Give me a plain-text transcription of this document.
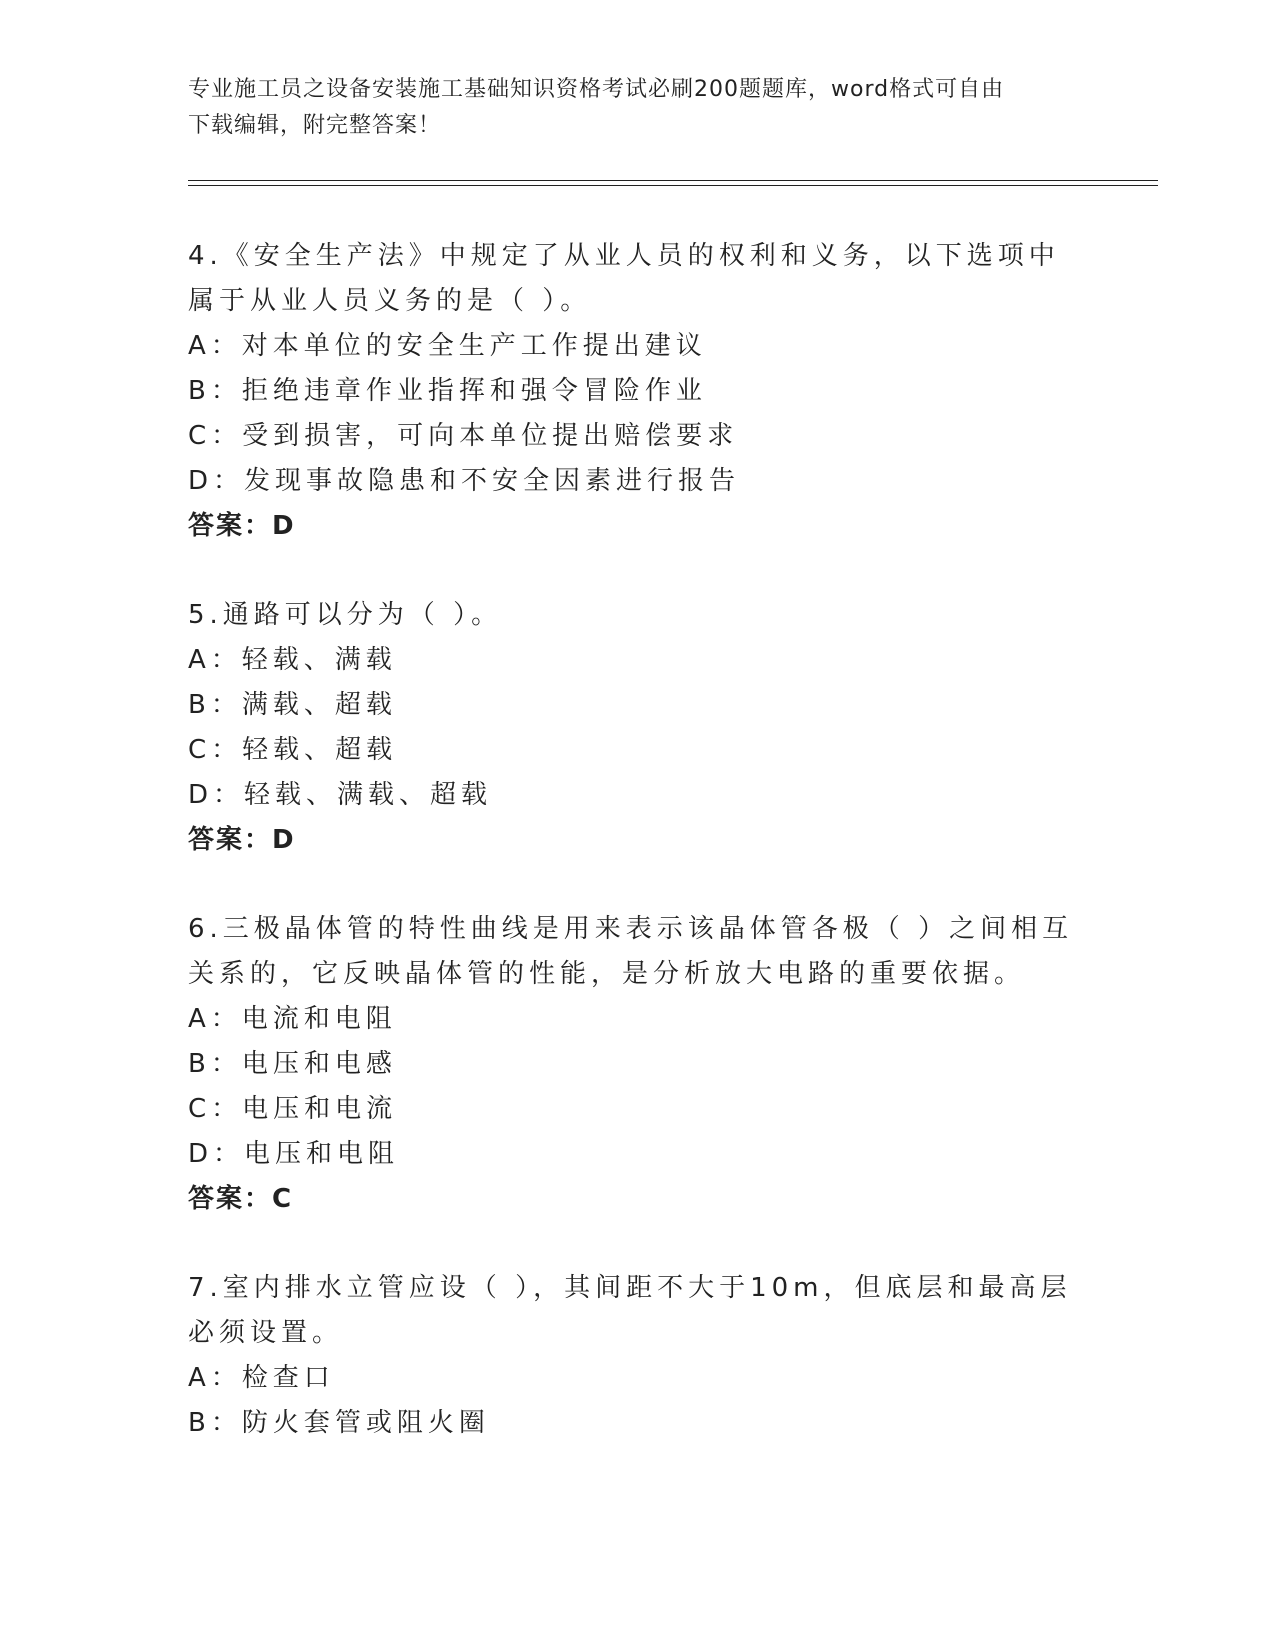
专业施工员之设备安装施工基础知识资格考试必刷200题题库，word格式可自由
下载编辑，附完整答案！
4.《安全生产法》中规定了从业人员的权利和义务，以下选项中属于从业人员义务的是（ ）。
A：对本单位的安全生产工作提出建议
B：拒绝违章作业指挥和强令冒险作业
C：受到损害，可向本单位提出赔偿要求
D：发现事故隐患和不安全因素进行报告
答案：D
5.通路可以分为（ ）。
A：轻载、满载
B：满载、超载
C：轻载、超载
D：轻载、满载、超载
答案：D
6.三极晶体管的特性曲线是用来表示该晶体管各极（ ）之间相互关系的，它反映晶体管的性能，是分析放大电路的重要依据。
A：电流和电阻
B：电压和电感
C：电压和电流
D：电压和电阻
答案：C
7.室内排水立管应设（ ），其间距不大于10m，但底层和最高层必须设置。
A：检查口
B：防火套管或阻火圈
